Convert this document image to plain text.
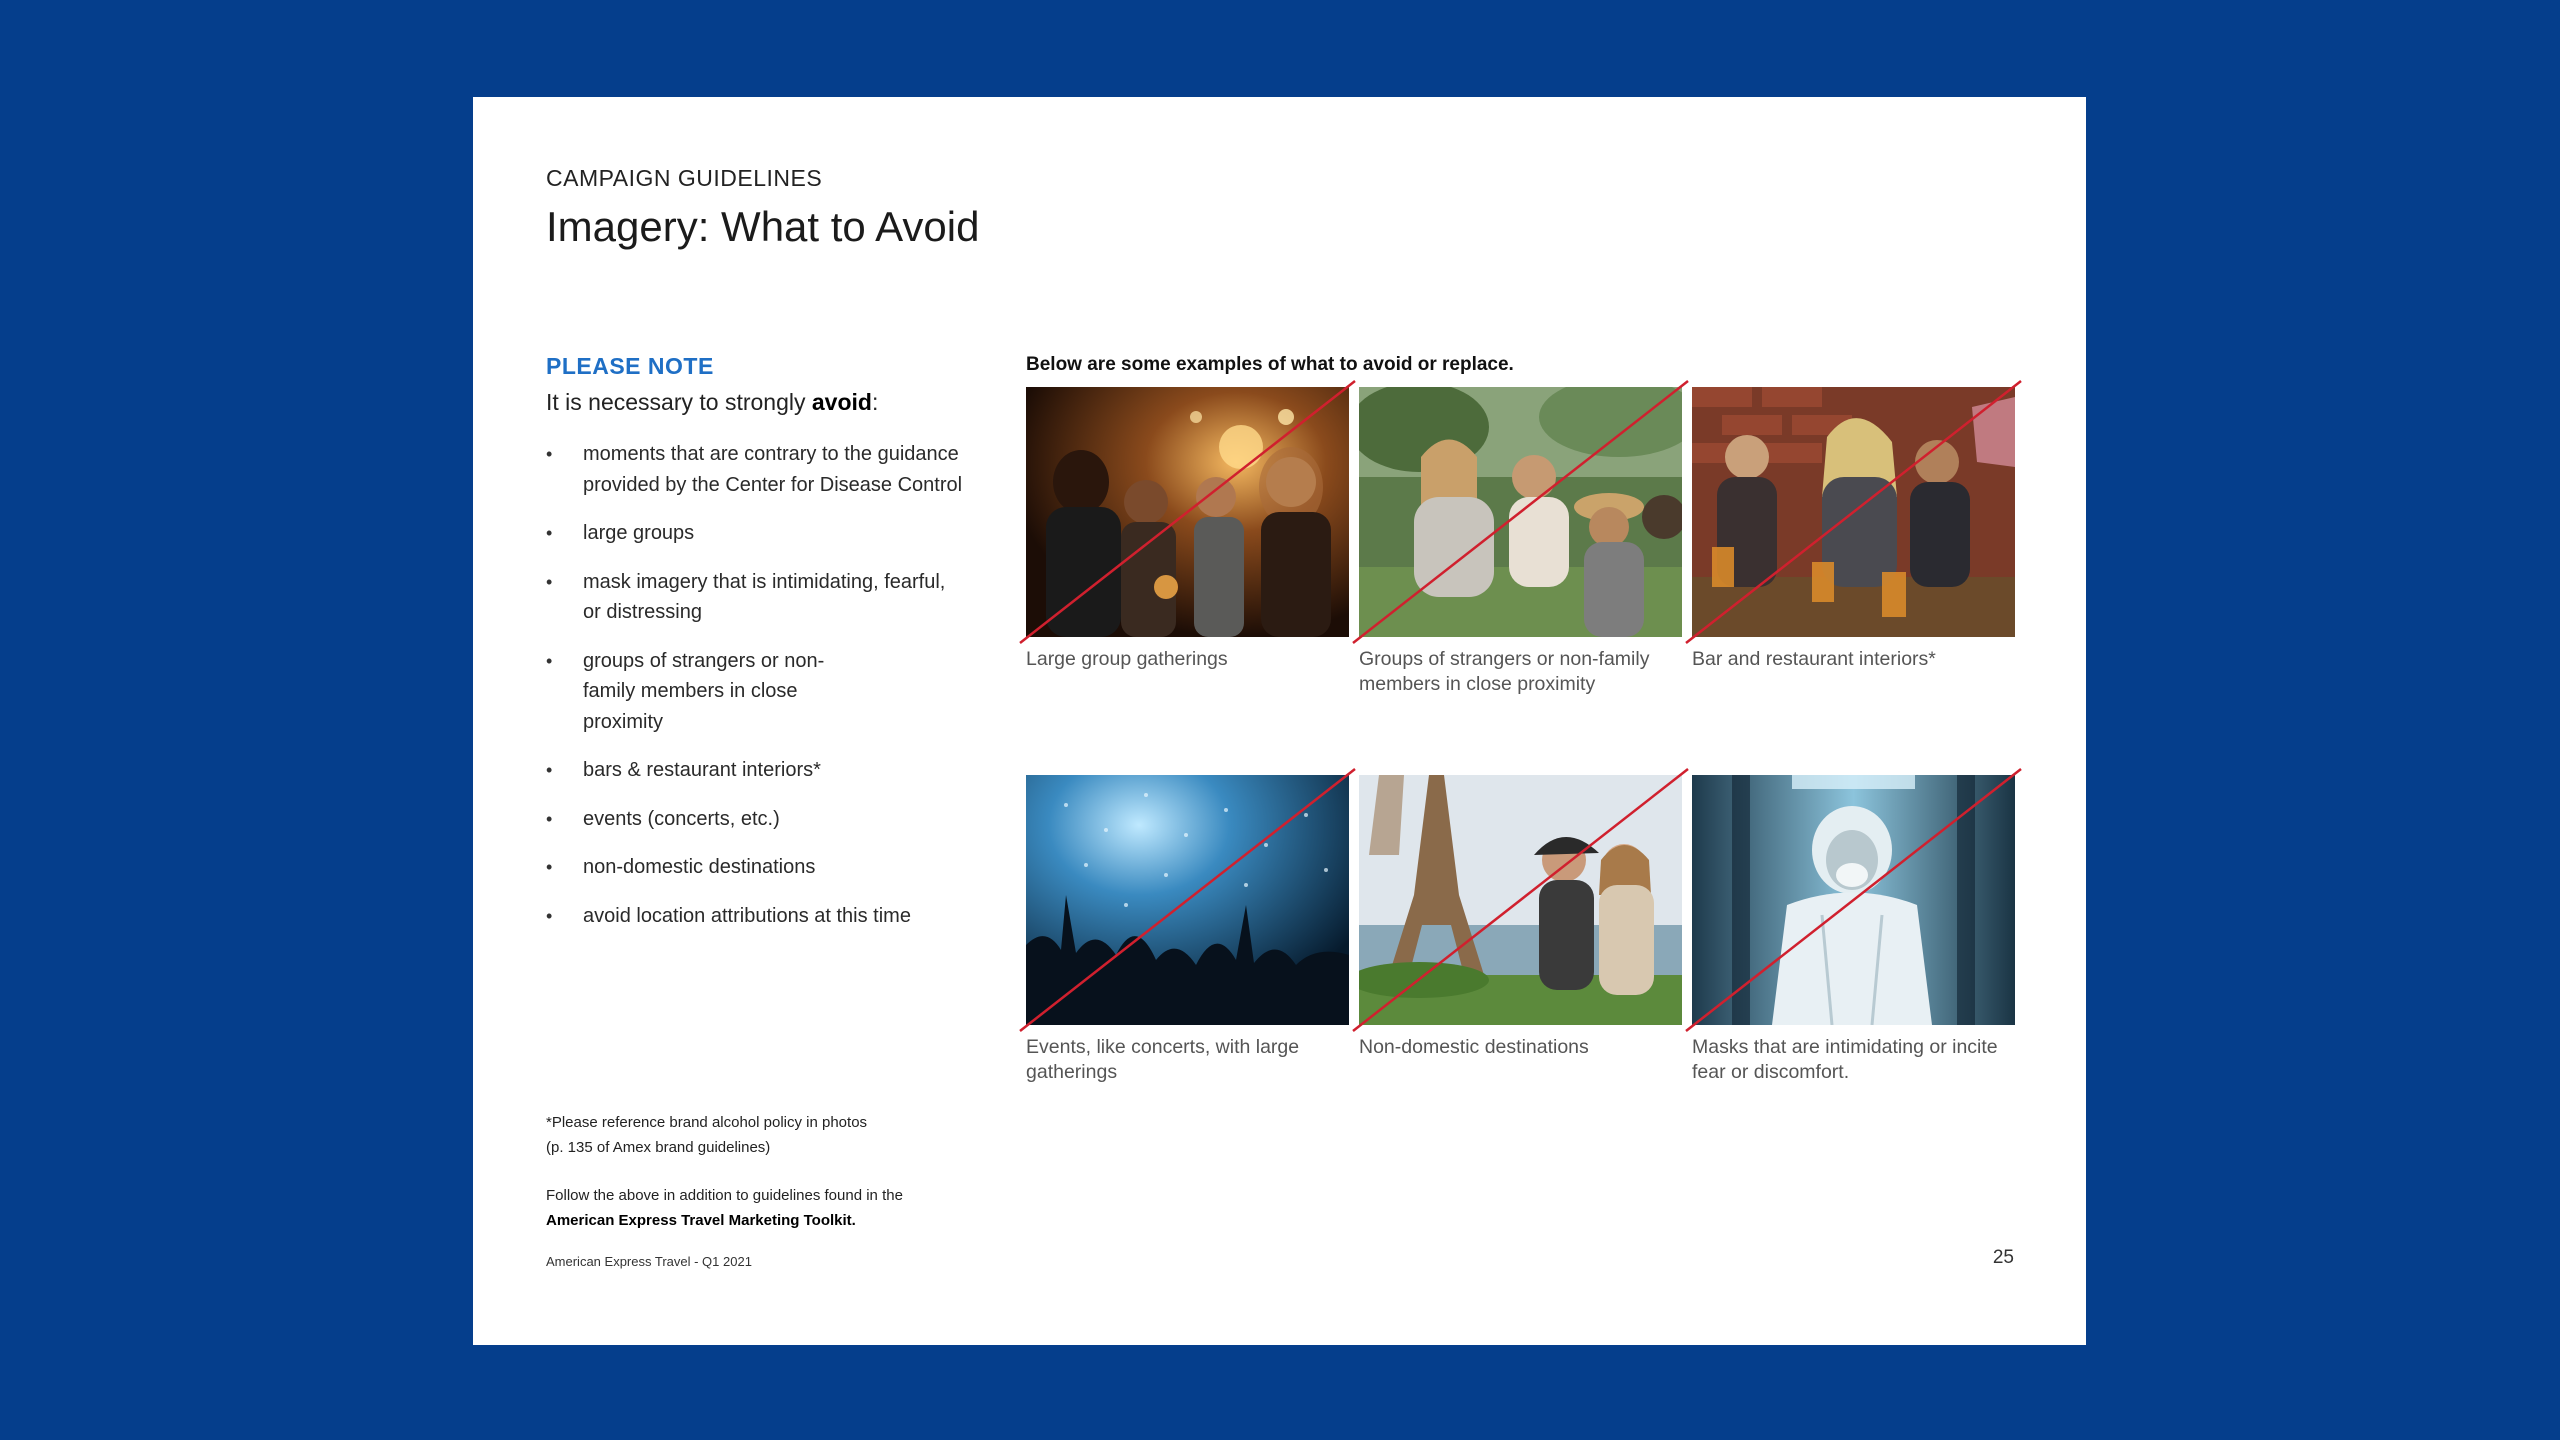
CAMPAIGN GUIDELINES
Imagery: What to Avoid
PLEASE NOTE
It is necessary to strongly avoid:
• moments that are contrary to the guidance provided by the Center for Disease Control
• large groups
• mask imagery that is intimidating, fearful, or distressing
• groups of strangers or non-family members in close proximity
• bars & restaurant interiors*
• events (concerts, etc.)
• non-domestic destinations
• avoid location attributions at this time
*Please reference brand alcohol policy in photos
(p. 135 of Amex brand guidelines)
Follow the above in addition to guidelines found in the
American Express Travel Marketing Toolkit.
American Express Travel - Q1 2021	25
Below are some examples of what to avoid or replace.
Large group gatherings	Groups of strangers or non-family members in close proximity
Bar and restaurant interiors*
Events, like concerts, with large gatherings
Non-domestic destinations	Masks that are intimidating or incite fear or discomfort.
